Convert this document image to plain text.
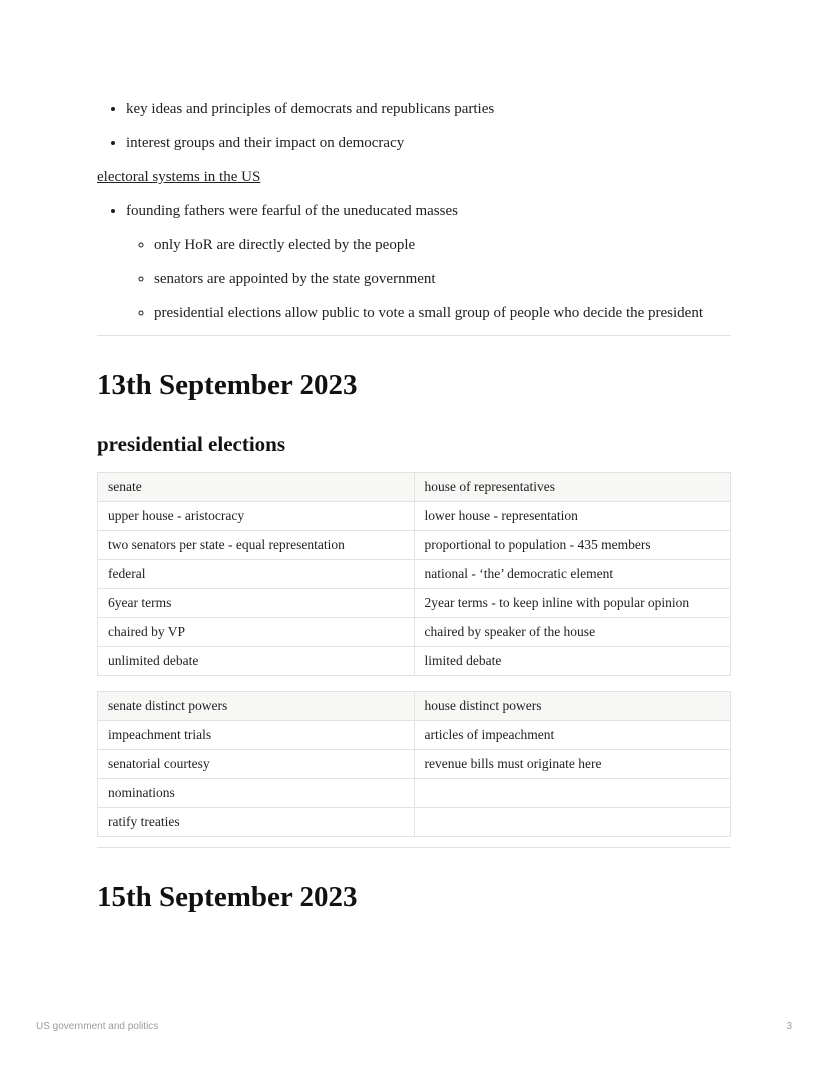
• key ideas and principles of democrats and republicans parties
• interest groups and their impact on democracy

electoral systems in the US

• founding fathers were fearful of the uneducated masses
◦ only HoR are directly elected by the people
◦ senators are appointed by the state government
◦ presidential elections allow public to vote a small group of people who decide the president
13th September 2023
presidential elections
senate	house of representatives
upper house - aristocracy	lower house - representation
two senators per state - equal representation	proportional to population - 435 members
federal	national - ‘the’ democratic element
6year terms	2year terms - to keep inline with popular opinion
chaired by VP	chaired by speaker of the house
unlimited debate	limited debate
senate distinct powers	house distinct powers
impeachment trials	articles of impeachment
senatorial courtesy	revenue bills must originate here
nominations	
ratify treaties	
15th September 2023
US government and politics	3
